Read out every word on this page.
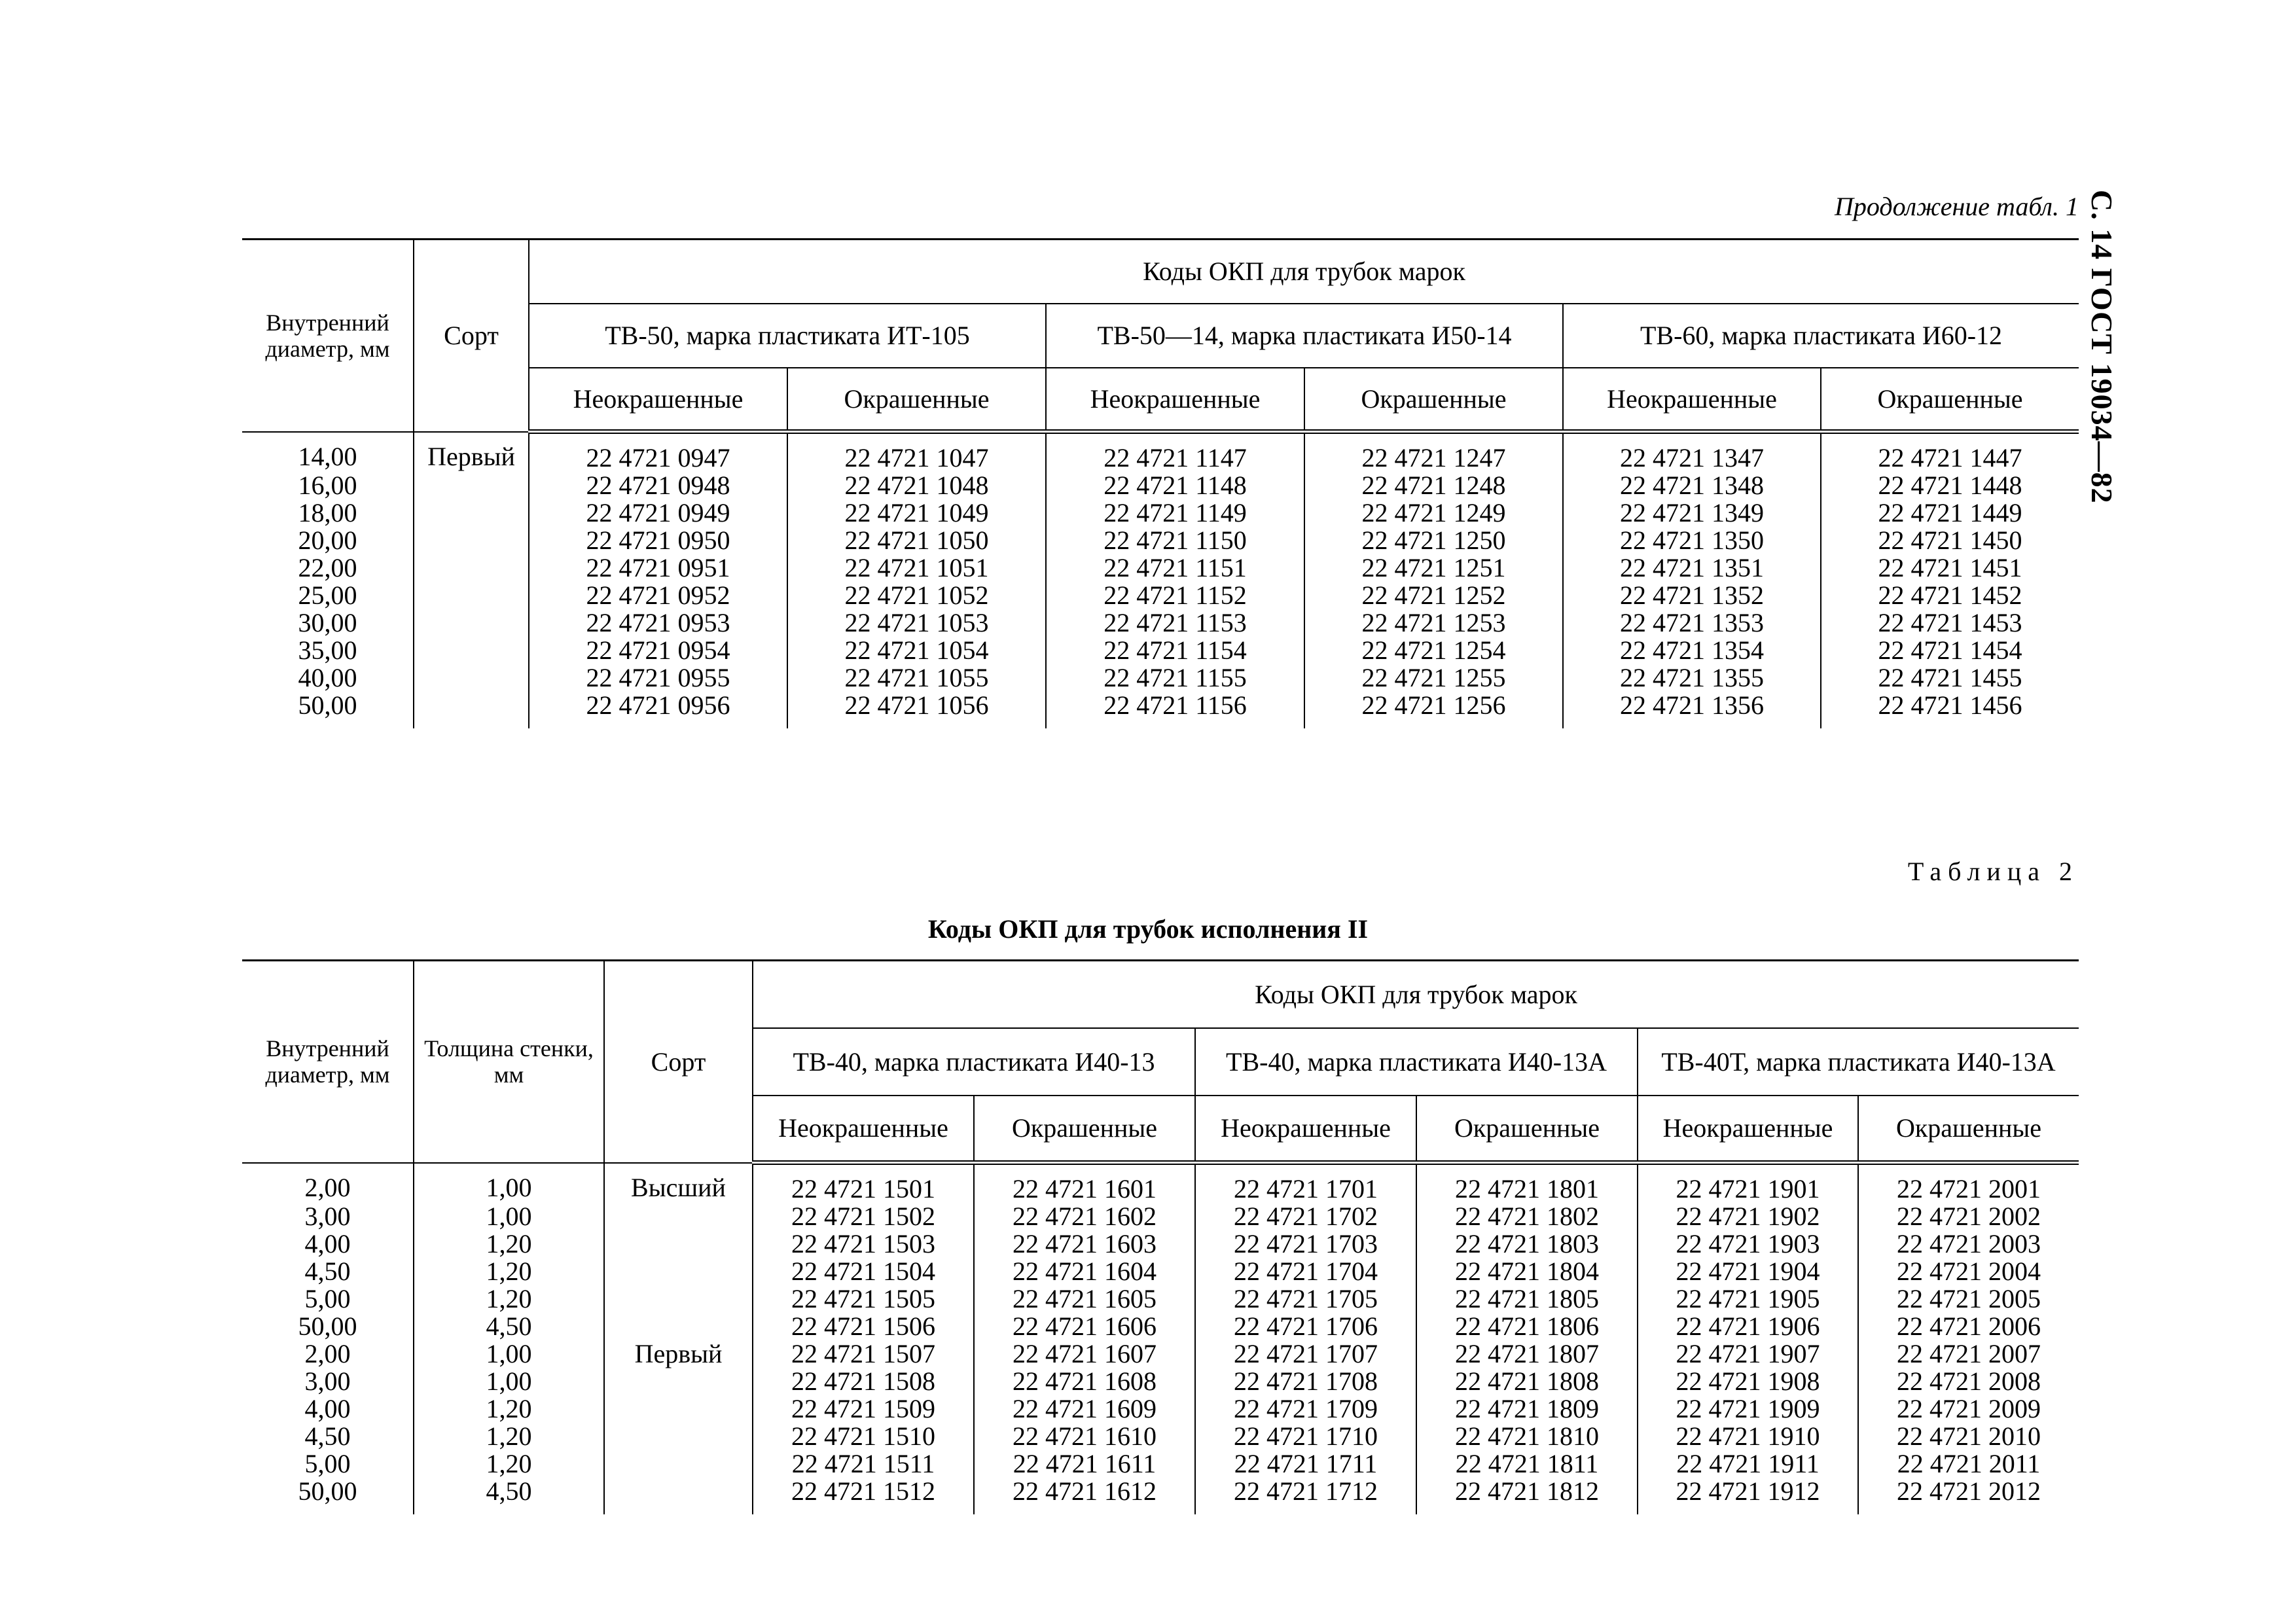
С. 14 ГОСТ 19034—82
Продолжение табл. 1
Внутренний диаметр, мм	Сорт	Коды ОКП для трубок марок					
		ТВ-50, марка пластиката ИТ-105		ТВ-50—14, марка пластиката И50-14		ТВ-60, марка пластиката И60-12	
		Неокрашенные	Окрашенные	Неокрашенные	Окрашенные	Неокрашенные	Окрашенные
14,00	Первый	22 4721 0947	22 4721 1047	22 4721 1147	22 4721 1247	22 4721 1347	22 4721 1447
16,00		22 4721 0948	22 4721 1048	22 4721 1148	22 4721 1248	22 4721 1348	22 4721 1448
18,00		22 4721 0949	22 4721 1049	22 4721 1149	22 4721 1249	22 4721 1349	22 4721 1449
20,00		22 4721 0950	22 4721 1050	22 4721 1150	22 4721 1250	22 4721 1350	22 4721 1450
22,00		22 4721 0951	22 4721 1051	22 4721 1151	22 4721 1251	22 4721 1351	22 4721 1451
25,00		22 4721 0952	22 4721 1052	22 4721 1152	22 4721 1252	22 4721 1352	22 4721 1452
30,00		22 4721 0953	22 4721 1053	22 4721 1153	22 4721 1253	22 4721 1353	22 4721 1453
35,00		22 4721 0954	22 4721 1054	22 4721 1154	22 4721 1254	22 4721 1354	22 4721 1454
40,00		22 4721 0955	22 4721 1055	22 4721 1155	22 4721 1255	22 4721 1355	22 4721 1455
50,00		22 4721 0956	22 4721 1056	22 4721 1156	22 4721 1256	22 4721 1356	22 4721 1456
Таблица 2
Коды ОКП для трубок исполнения II
Внутренний диаметр, мм	Толщина стенки, мм	Сорт	Коды ОКП для трубок марок					
			ТВ-40, марка пластиката И40-13		ТВ-40, марка пластиката И40-13А		ТВ-40Т, марка пластиката И40-13А	
			Неокрашенные	Окрашенные	Неокрашенные	Окрашенные	Неокрашенные	Окрашенные
2,00	1,00	Высший	22 4721 1501	22 4721 1601	22 4721 1701	22 4721 1801	22 4721 1901	22 4721 2001
3,00	1,00		22 4721 1502	22 4721 1602	22 4721 1702	22 4721 1802	22 4721 1902	22 4721 2002
4,00	1,20		22 4721 1503	22 4721 1603	22 4721 1703	22 4721 1803	22 4721 1903	22 4721 2003
4,50	1,20		22 4721 1504	22 4721 1604	22 4721 1704	22 4721 1804	22 4721 1904	22 4721 2004
5,00	1,20		22 4721 1505	22 4721 1605	22 4721 1705	22 4721 1805	22 4721 1905	22 4721 2005
50,00	4,50		22 4721 1506	22 4721 1606	22 4721 1706	22 4721 1806	22 4721 1906	22 4721 2006
2,00	1,00	Первый	22 4721 1507	22 4721 1607	22 4721 1707	22 4721 1807	22 4721 1907	22 4721 2007
3,00	1,00		22 4721 1508	22 4721 1608	22 4721 1708	22 4721 1808	22 4721 1908	22 4721 2008
4,00	1,20		22 4721 1509	22 4721 1609	22 4721 1709	22 4721 1809	22 4721 1909	22 4721 2009
4,50	1,20		22 4721 1510	22 4721 1610	22 4721 1710	22 4721 1810	22 4721 1910	22 4721 2010
5,00	1,20		22 4721 1511	22 4721 1611	22 4721 1711	22 4721 1811	22 4721 1911	22 4721 2011
50,00	4,50		22 4721 1512	22 4721 1612	22 4721 1712	22 4721 1812	22 4721 1912	22 4721 2012
